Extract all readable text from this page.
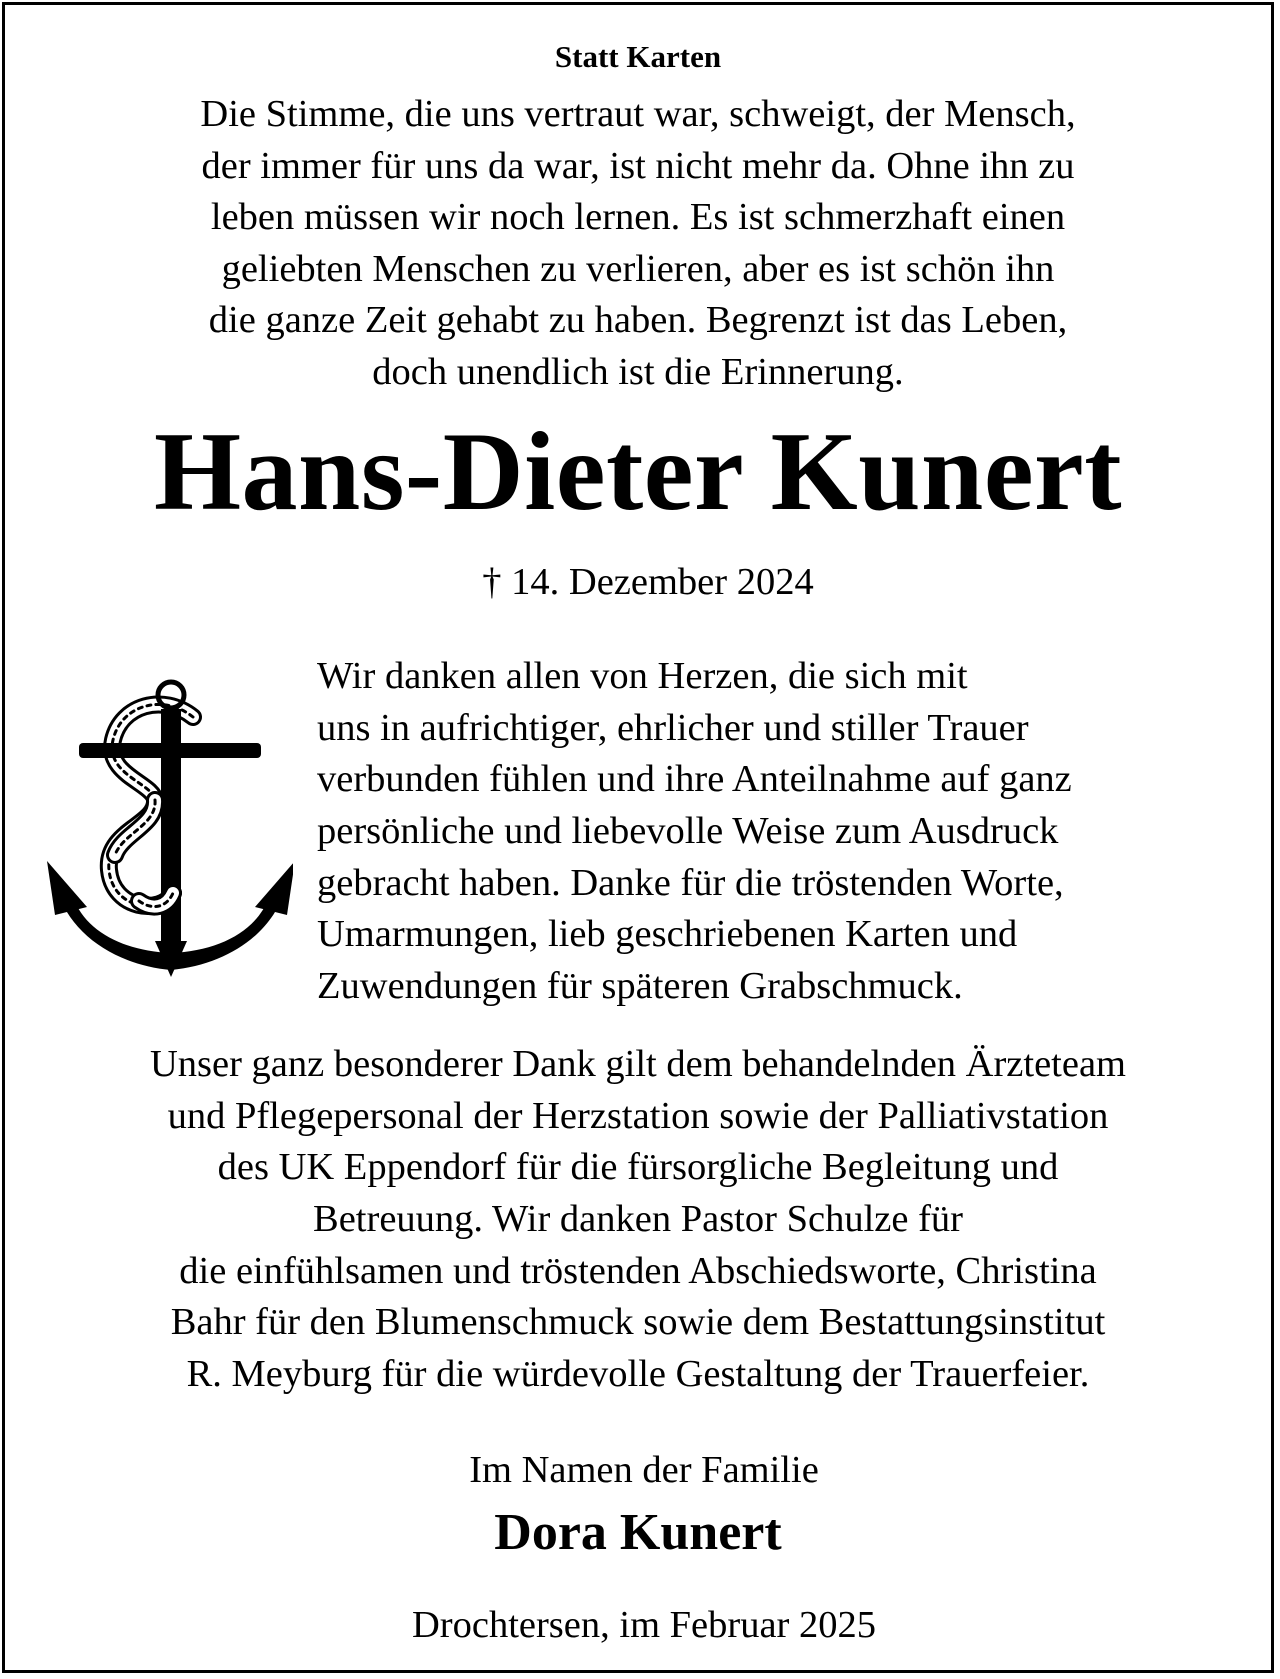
Statt Karten
Die Stimme, die uns vertraut war, schweigt, der Mensch,
der immer für uns da war, ist nicht mehr da. Ohne ihn zu
leben müssen wir noch lernen. Es ist schmerzhaft einen
geliebten Menschen zu verlieren, aber es ist schön ihn
die ganze Zeit gehabt zu haben. Begrenzt ist das Leben,
doch unendlich ist die Erinnerung.
Hans-Dieter Kunert
† 14. Dezember 2024
Wir danken allen von Herzen, die sich mit
uns in aufrichtiger, ehrlicher und stiller Trauer
verbunden fühlen und ihre Anteilnahme auf ganz
persönliche und liebevolle Weise zum Ausdruck
gebracht haben. Danke für die tröstenden Worte,
Umarmungen, lieb geschriebenen Karten und
Zuwendungen für späteren Grabschmuck.
Unser ganz besonderer Dank gilt dem behandelnden Ärzteteam
und Pflegepersonal der Herzstation sowie der Palliativstation
des UK Eppendorf für die fürsorgliche Begleitung und
Betreuung. Wir danken Pastor Schulze für
die einfühlsamen und tröstenden Abschiedsworte, Christina
Bahr für den Blumenschmuck sowie dem Bestattungsinstitut
R. Meyburg für die würdevolle Gestaltung der Trauerfeier.
Im Namen der Familie
Dora Kunert
Drochtersen, im Februar 2025
